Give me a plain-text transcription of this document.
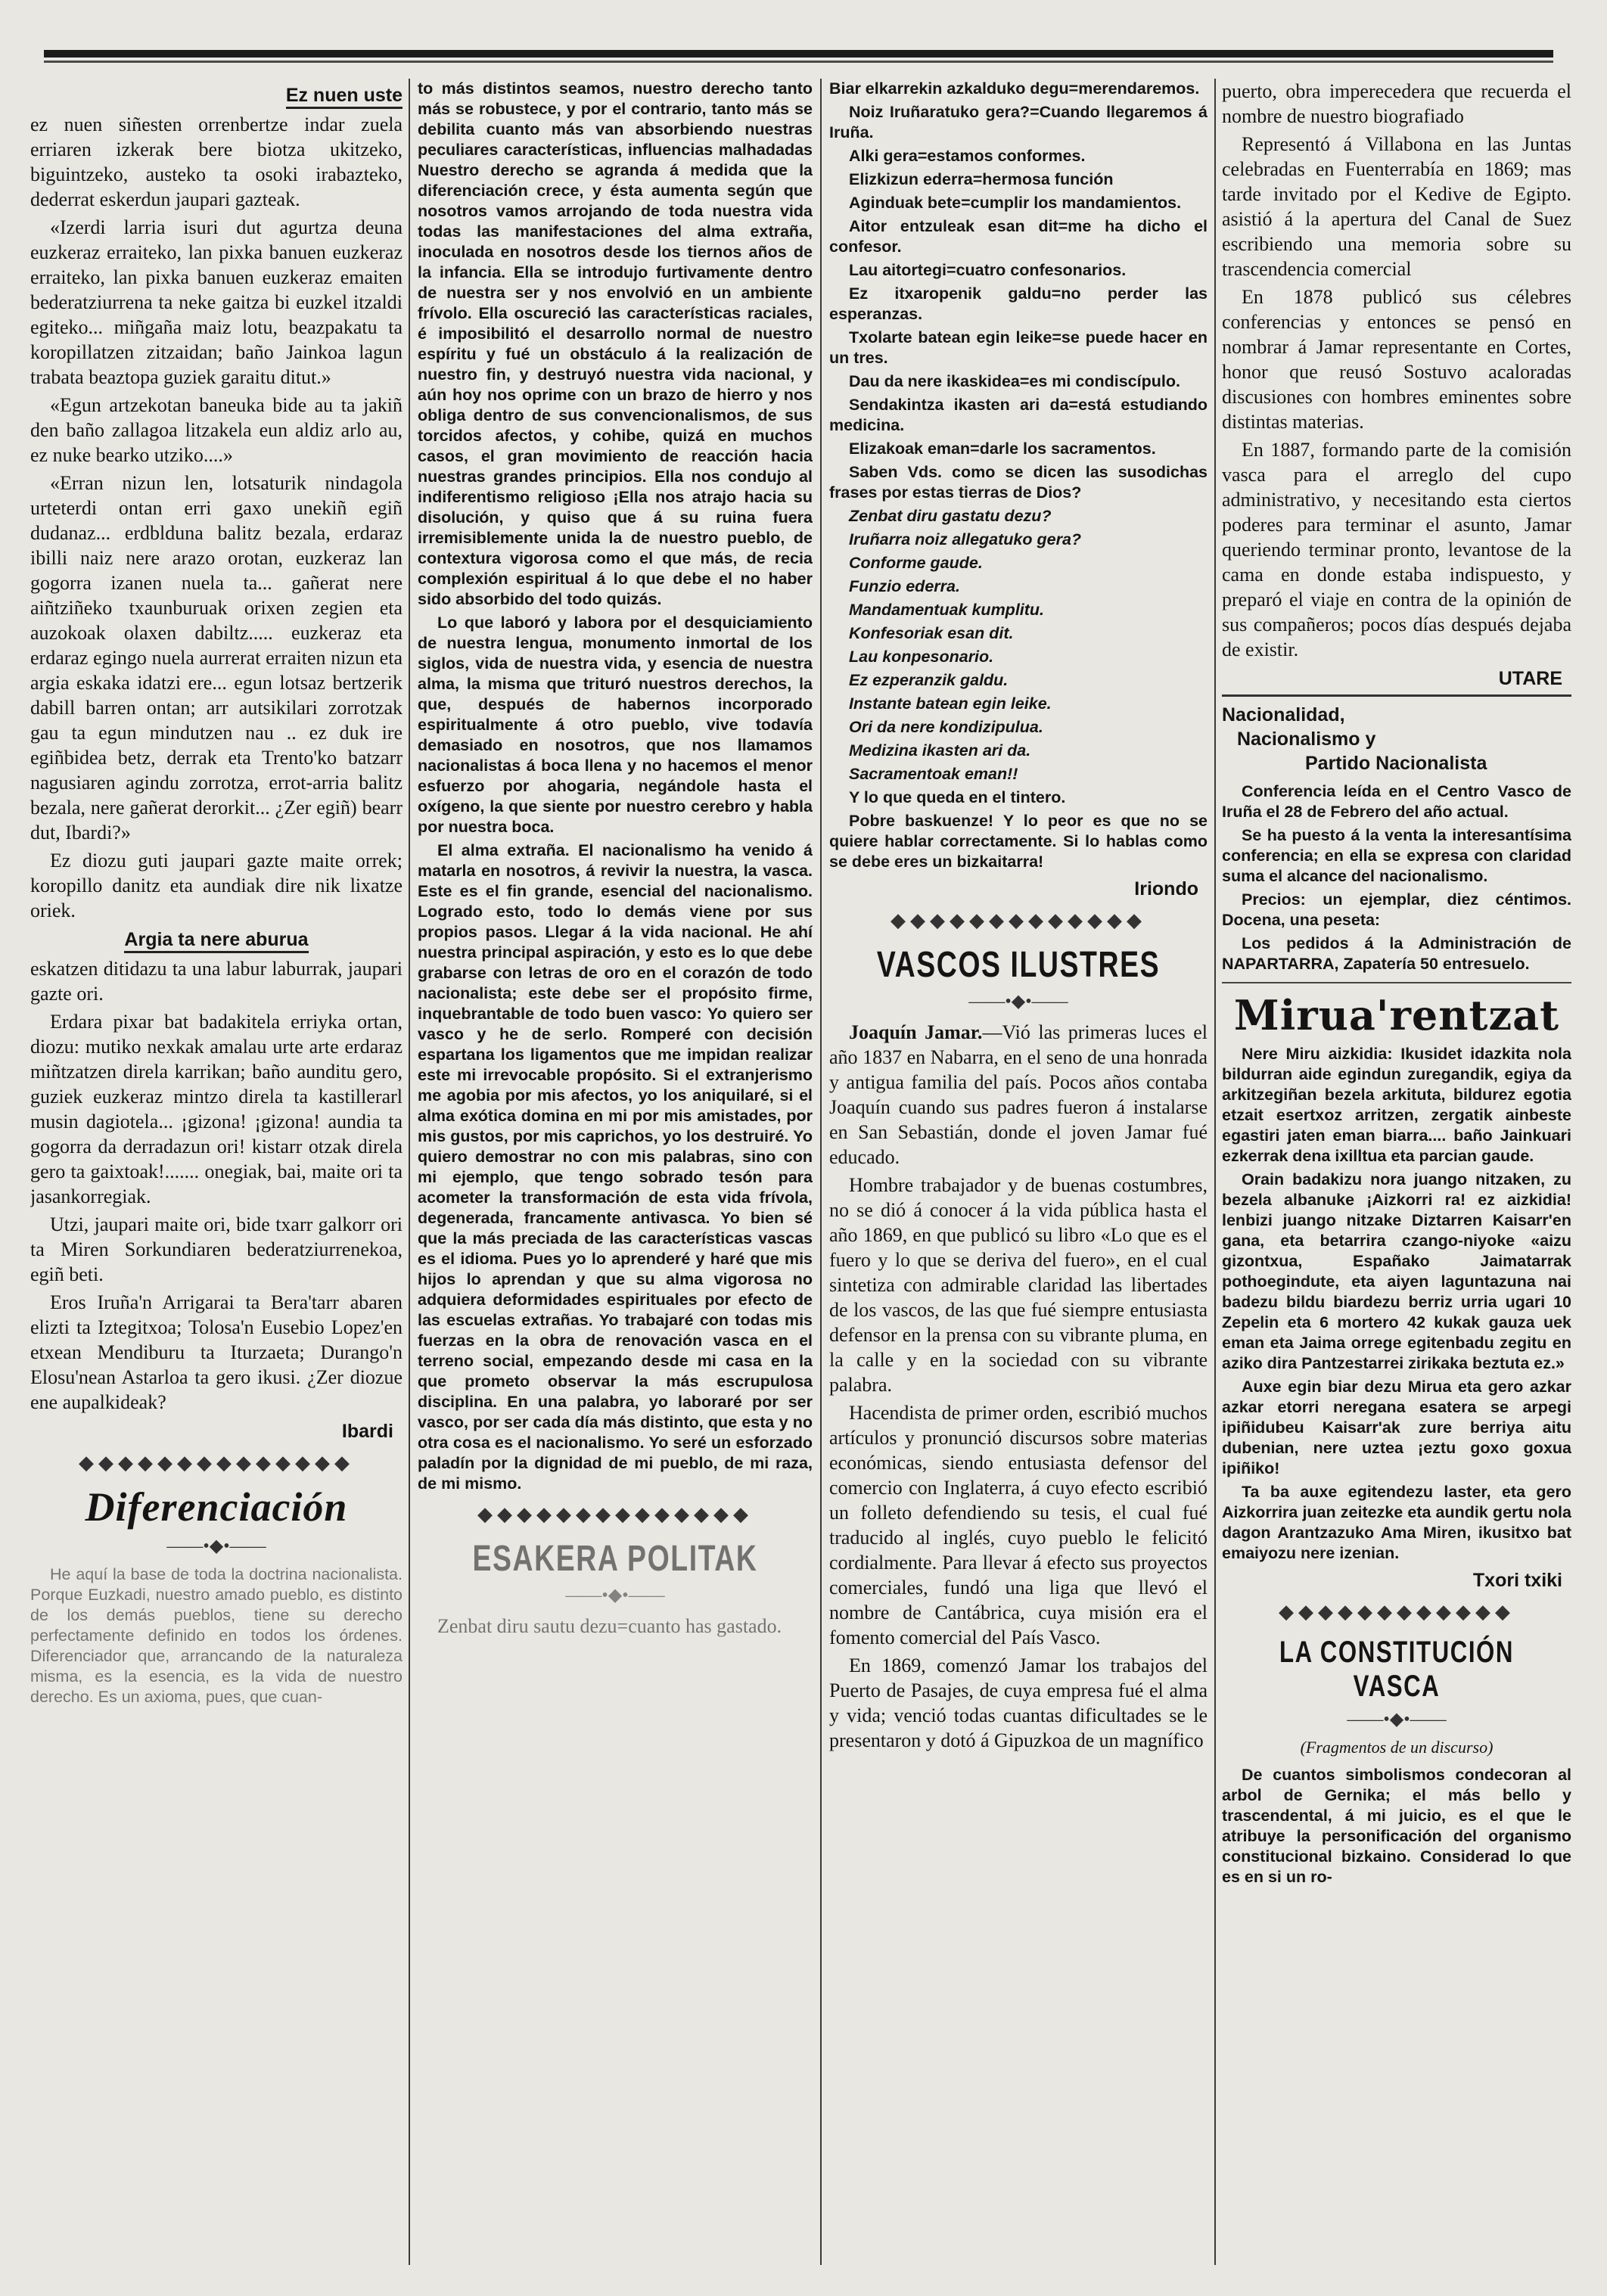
Ez nuen uste

ez nuen siñesten orrenbertze indar zuela erriaren izkerak bere biotza ukitzeko, biguintzeko, austeko ta osoki irabazteko, dederrat eskerdun jaupari gazteak.

«Izerdi larria isuri dut agurtza deuna euzkeraz erraiteko, lan pixka banuen euzkeraz erraiteko, lan pixka banuen euzkeraz emaiten bederatziurrena ta neke gaitza bi euzkel itzaldi egiteko... miñgaña maiz lotu, beazpakatu ta koropillatzen zitzaidan; baño Jainkoa lagun trabata beaztopa guziek garaitu ditut.»

«Egun artzekotan baneuka bide au ta jakiñ den baño zallagoa litzakela eun aldiz arlo au, ez nuke bearko utziko....»

«Erran nizun len, lotsaturik nindagola urteterdi ontan erri gaxo unekiñ egiñ dudanaz... erdbldunа balitz bezala, erdaraz ibilli naiz nere arazo orotan, euzkeraz lan gogorra izanen nuela ta... gañerat nere aiñtziñeko txaunburuak orixen zegien eta auzokoak olaxen dabiltz..... euzkeraz eta erdaraz egingo nuela aurrerat erraiten nizun eta argia eskaka idatzi ere... egun lotsaz bertzerik dabill barren ontan; arr autsikilari zorrotzak gau ta egun mindutzen nau .. ez duk ire egiñbidea betz, derrak eta Trento'ko batzarr nagusiaren agindu zorrotza, errot-arria balitz bezala, nere gañerat derorkit... ¿Zer egiñ) bearr dut, Ibardi?»

Ez diozu guti jaupari gazte maite orrek; koropillo danitz eta aundiak dire nik lixatze oriek.

Argia ta nere aburua

eskatzen ditidazu ta una labur laburrak, jaupari gazte ori.

Erdara pixar bat badakitela erriyka ortan, diozu: mutiko nexkak amalau urte arte erdaraz miñtzatzen direla karrikan; baño aunditu gero, guziek euzkeraz mintzo direla ta kastillerarl musin dagiotela... ¡gizona! ¡gizona! aundia ta gogorra da derradazun ori! kistarr otzak direla gero ta gaixtoak!....... onegiak, bai, maite ori ta jasankorregiak.

Utzi, jaupari maite ori, bide txarr galkorr ori ta Miren Sorkundiaren bederatziurrenekoa, egiñ beti.

Eros Iruña'n Arrigarai ta Bera'tarr abaren elizti ta Iztegitxoa; Tolosa'n Eusebio Lopez'en etxean Mendiburu ta Iturzaeta; Durango'n Elosu'nean Astarloa ta gero ikusi. ¿Zer diozue ene aupalkideak?

Ibardi
◆◆◆◆◆◆◆◆◆◆◆◆◆◆
Diferenciación
——•◆•——

He aquí la base de toda la doctrina nacionalista. Porque Euzkadi, nuestro amado pueblo, es distinto de los demás pueblos, tiene su derecho perfectamente definido en todos los órdenes. Diferenciador que, arrancando de la naturaleza misma, es la esencia, es la vida de nuestro derecho. Es un axioma, pues, que cuan-

to más distintos seamos, nuestro derecho tanto más se robustece, y por el contrario, tanto más se debilita cuanto más van absorbiendo nuestras peculiares características, influencias malhadadas Nuestro derecho se agranda á medida que la diferenciación crece, y ésta aumenta según que nosotros vamos arrojando de toda nuestra vida todas las manifestaciones del alma extraña, inoculada en nosotros desde los tiernos años de la infancia. Ella se introdujo furtivamente dentro de nuestra ser y nos envolvió en un ambiente frívolo. Ella oscureció las características raciales, é imposibilitó el desarrollo normal de nuestro espíritu y fué un obstáculo á la realización de nuestro fin, y destruyó nuestra vida nacional, y aún hoy nos oprime con un brazo de hierro y nos obliga dentro de sus convencionalismos, de sus torcidos afectos, y cohibe, quizá en muchos casos, el gran movimiento de reacción hacia nuestras grandes principios. Ella nos condujo al indiferentismo religioso ¡Ella nos atrajo hacia su disolución, y quiso que á su ruina fuera irremisiblemente unida la de nuestro pueblo, de contextura vigorosa como el que más, de recia complexión espiritual á lo que debe el no haber sido absorbido del todo quizás.

Lo que laboró y labora por el desquiciamiento de nuestra lengua, monumento inmortal de los siglos, vida de nuestra vida, y esencia de nuestra alma, la misma que trituró nuestros derechos, la que, después de habernos incorporado espiritualmente á otro pueblo, vive todavía demasiado en nosotros, que nos llamamos nacionalistas á boca llena y no hacemos el menor esfuerzo por ahogaria, negándole hasta el oxígeno, la que siente por nuestro cerebro y habla por nuestra boca.

El alma extraña. El nacionalismo ha venido á matarla en nosotros, á revivir la nuestra, la vasca. Este es el fin grande, esencial del nacionalismo. Logrado esto, todo lo demás viene por sus propios pasos. Llegar á la vida nacional. He ahí nuestra principal aspiración, y esto es lo que debe grabarse con letras de oro en el corazón de todo nacionalista; este debe ser el propósito firme, inquebrantable de todo buen vasco: Yo quiero ser vasco y he de serlo. Romperé con decisión espartana los ligamentos que me impidan realizar este mi irrevocable propósito. Si el extranjerismo me agobia por mis afectos, yo los aniquilaré, si el alma exótica domina en mi por mis amistades, por mis gustos, por mis caprichos, yo los destruiré. Yo quiero demostrar no con mis palabras, sino con mi ejemplo, que tengo sobrado tesón para acometer la transformación de esta vida frívola, degenerada, francamente antivasca. Yo bien sé que la más preciada de las características vascas es el idioma. Pues yo lo aprenderé y haré que mis hijos lo aprendan y que su alma vigorosa no adquiera deformidades espirituales por efecto de las escuelas extrañas. Yo trabajaré con todas mis fuerzas en la obra de renovación vasca en el terreno social, empezando desde mi casa en la que prometo observar la más escrupulosa disciplina. En una palabra, yo laboraré por ser vasco, por ser cada día más distinto, que esta y no otra cosa es el nacionalismo. Yo seré un esforzado paladín por la dignidad de mi pueblo, de mi raza, de mi mismo.

◆◆◆◆◆◆◆◆◆◆◆◆◆◆
ESAKERA POLITAK
——•◆•——

Zenbat diru sautu dezu=cuanto has gastado.

Biar elkarrekin azkalduko degu=merendaremos.

Noiz Iruñaratuko gera?=Cuando llegaremos á Iruña.

Alki gera=estamos conformes.

Elizkizun ederra=hermosa función

Aginduak bete=cumplir los mandamientos.

Aitor entzuleak esan dit=me ha dicho el confesor.

Lau aitortegi=cuatro confesonarios.

Ez itxaropenik galdu=no perder las esperanzas.

Txolarte batean egin leike=se puede hacer en un tres.

Dau da nere ikaskidea=es mi condiscípulo.

Sendakintza ikasten ari da=está estudiando medicina.

Elizakoak eman=darle los sacramentos.

Saben Vds. como se dicen las susodichas frases por estas tierras de Dios?

Zenbat diru gastatu dezu?

Iruñarra noiz allegatuko gera?

Conforme gaude.

Funzio ederra.

Mandamentuak kumplitu.

Konfesoriak esan dit.

Lau konpesonario.

Ez ezperanzik galdu.

Instante batean egin leike.

Ori da nere kondizipulua.

Medizina ikasten ari da.

Sacramentoak eman!!

Y lo que queda en el tintero.

Pobre baskuenze! Y lo peor es que no se quiere hablar correctamente. Si lo hablas como se debe eres un bizkaitarra!

Iriondo
◆◆◆◆◆◆◆◆◆◆◆◆◆
VASCOS ILUSTRES
——•◆•——

Joaquín Jamar.—Vió las primeras luces el año 1837 en Nabarra, en el seno de una honrada y antigua familia del país. Pocos años contaba Joaquín cuando sus padres fueron á instalarse en San Sebastián, donde el joven Jamar fué educado.

Hombre trabajador y de buenas costumbres, no se dió á conocer á la vida pública hasta el año 1869, en que publicó su libro «Lo que es el fuero y lo que se deriva del fuero», en el cual sintetiza con admirable claridad las libertades de los vascos, de las que fué siempre entusiasta defensor en la prensa con su vibrante pluma, en la calle y en la sociedad con su vibrante palabra.

Hacendista de primer orden, escribió muchos artículos y pronunció discursos sobre materias económicas, siendo entusiasta defensor del comercio con Inglaterra, á cuyo efecto escribió un folleto defendiendo su tesis, el cual fué traducido al inglés, cuyo pueblo le felicitó cordialmente. Para llevar á efecto sus proyectos comerciales, fundó una liga que llevó el nombre de Cantábrica, cuya misión era el fomento comercial del País Vasco.

En 1869, comenzó Jamar los trabajos del Puerto de Pasajes, de cuya empresa fué el alma y vida; venció todas cuantas dificultades se le presentaron y dotó á Gipuzkoa de un magnífico

puerto, obra imperecedera que recuerda el nombre de nuestro biografiado

Representó á Villabona en las Juntas celebradas en Fuenterrabía en 1869; mas tarde invitado por el Kedive de Egipto. asistió á la apertura del Canal de Suez escribiendo una memoria sobre su trascendencia comercial

En 1878 publicó sus célebres conferencias y entonces se pensó en nombrar á Jamar representante en Cortes, honor que reusó Sostuvo acaloradas discusiones con hombres eminentes sobre distintas materias.

En 1887, formando parte de la comisión vasca para el arreglo del cupo administrativo, y necesitando esta ciertos poderes para terminar el asunto, Jamar queriendo terminar pronto, levantose de la cama en donde estaba indispuesto, y preparó el viaje en contra de la opinión de sus compañeros; pocos días después dejaba de existir.

UTARE
Nacionalidad,
Nacionalismo y
Partido Nacionalista

Conferencia leída en el Centro Vasco de Iruña el 28 de Febrero del año actual.

Se ha puesto á la venta la interesantísima conferencia; en ella se expresa con claridad suma el alcance del nacionalismo.

Precios: un ejemplar, diez céntimos. Docena, una peseta:

Los pedidos á la Administración de NAPARTARRA, Zapatería 50 entresuelo.

Mirua'rentzat

Nere Miru aizkidia: Ikusidet idazkita nola bildurran aide egindun zuregandik, egiya da arkitzegiñan bezela arkituta, bildurez egotia etzait esertxoz arritzen, zergatik ainbeste egastiri jaten eman biarra.... baño Jainkuari ezkerrak dena ixilltua eta parcian gaude.

Orain badakizu nora juango nitzaken, zu bezela albanuke ¡Aizkorri ra! ez aizkidia! lenbizi juango nitzake Diztarren Kaisarr'en gana, eta betarrira czango-niyoke «aizu gizontxua, Españako Jaimatarrak pothoegindute, eta aiyen laguntazuna nai badezu bildu biardezu berriz urria ugari 10 Zepelin eta 6 mortero 42 kukak gauza uek eman eta Jaima orrege egitenbadu zegitu en aziko dira Pantzestarrei zirikaka beztuta ez.»

Auxe egin biar dezu Mirua eta gero azkar azkar etorri neregana esatera se arpegi ipiñidubeu Kaisarr'ak zure berriya aitu dubenian, nere uztea ¡eztu goxo goxua ipiñiko!

Ta ba auxe egitendezu laster, eta gero Aizkorrira juan zeitezke eta aundik gertu nola dagon Arantzazuko Ama Miren, ikusitxo bat emaiyozu nere izenian.

Txori txiki
◆◆◆◆◆◆◆◆◆◆◆◆
LA CONSTITUCIÓN VASCA
——•◆•——
(Fragmentos de un discurso)

De cuantos simbolismos condecoran al arbol de Gernika; el más bello y trascendental, á mi juicio, es el que le atribuye la personificación del organismo constitucional bizkaino. Considerad lo que es en si un ro-
